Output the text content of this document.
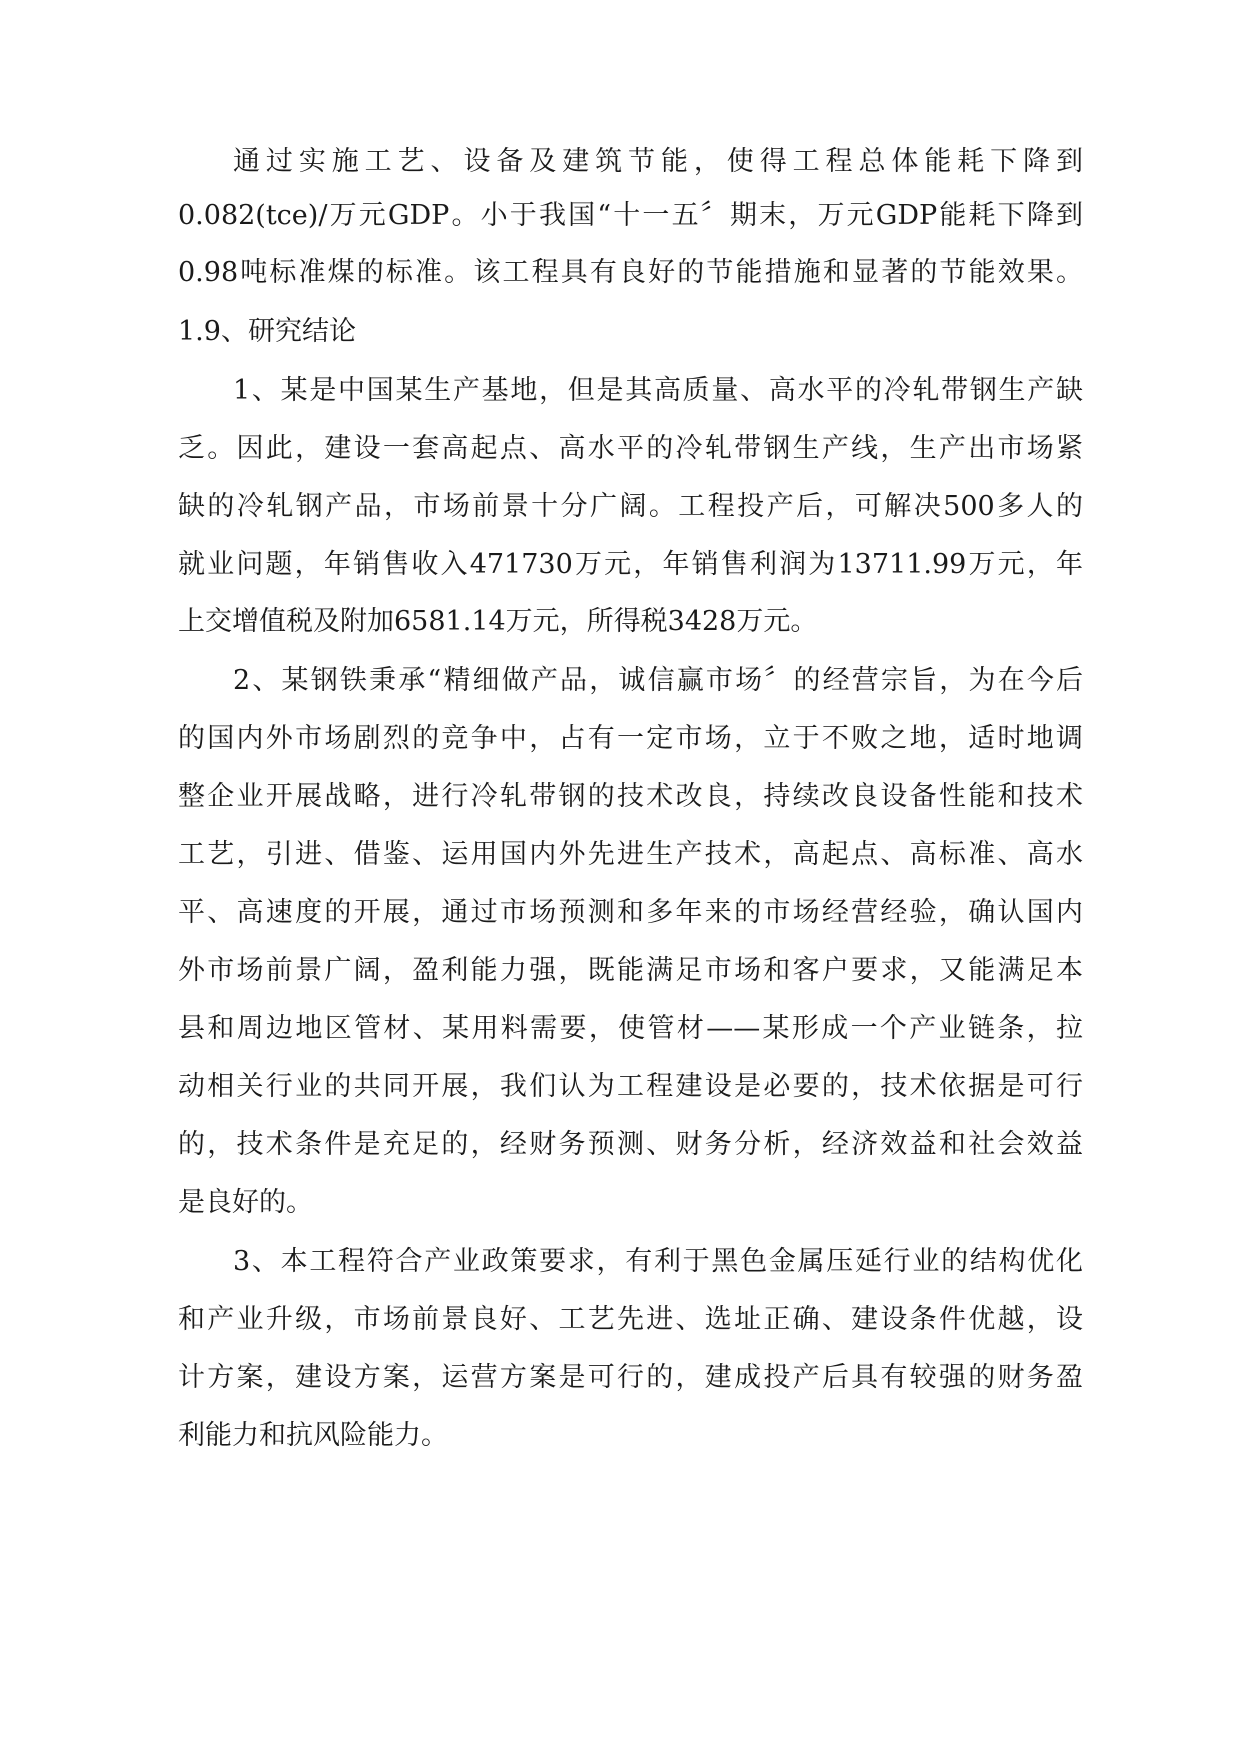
通过实施工艺、设备及建筑节能，使得工程总体能耗下降到
0.082(tce)/万元GDP。小于我国“十一五〞期末，万元GDP能耗下降到
0.98吨标准煤的标准。该工程具有良好的节能措施和显著的节能效果。
1.9、研究结论
1、某是中国某生产基地，但是其高质量、高水平的冷轧带钢生产缺
乏。因此，建设一套高起点、高水平的冷轧带钢生产线，生产出市场紧
缺的冷轧钢产品，市场前景十分广阔。工程投产后，可解决500多人的
就业问题，年销售收入471730万元，年销售利润为13711.99万元，年
上交增值税及附加6581.14万元，所得税3428万元。
2、某钢铁秉承“精细做产品，诚信赢市场〞的经营宗旨，为在今后
的国内外市场剧烈的竞争中，占有一定市场，立于不败之地，适时地调
整企业开展战略，进行冷轧带钢的技术改良，持续改良设备性能和技术
工艺，引进、借鉴、运用国内外先进生产技术，高起点、高标准、高水
平、高速度的开展，通过市场预测和多年来的市场经营经验，确认国内
外市场前景广阔，盈利能力强，既能满足市场和客户要求，又能满足本
县和周边地区管材、某用料需要，使管材——某形成一个产业链条，拉
动相关行业的共同开展，我们认为工程建设是必要的，技术依据是可行
的，技术条件是充足的，经财务预测、财务分析，经济效益和社会效益
是良好的。
3、本工程符合产业政策要求，有利于黑色金属压延行业的结构优化
和产业升级，市场前景良好、工艺先进、选址正确、建设条件优越，设
计方案，建设方案，运营方案是可行的，建成投产后具有较强的财务盈
利能力和抗风险能力。
